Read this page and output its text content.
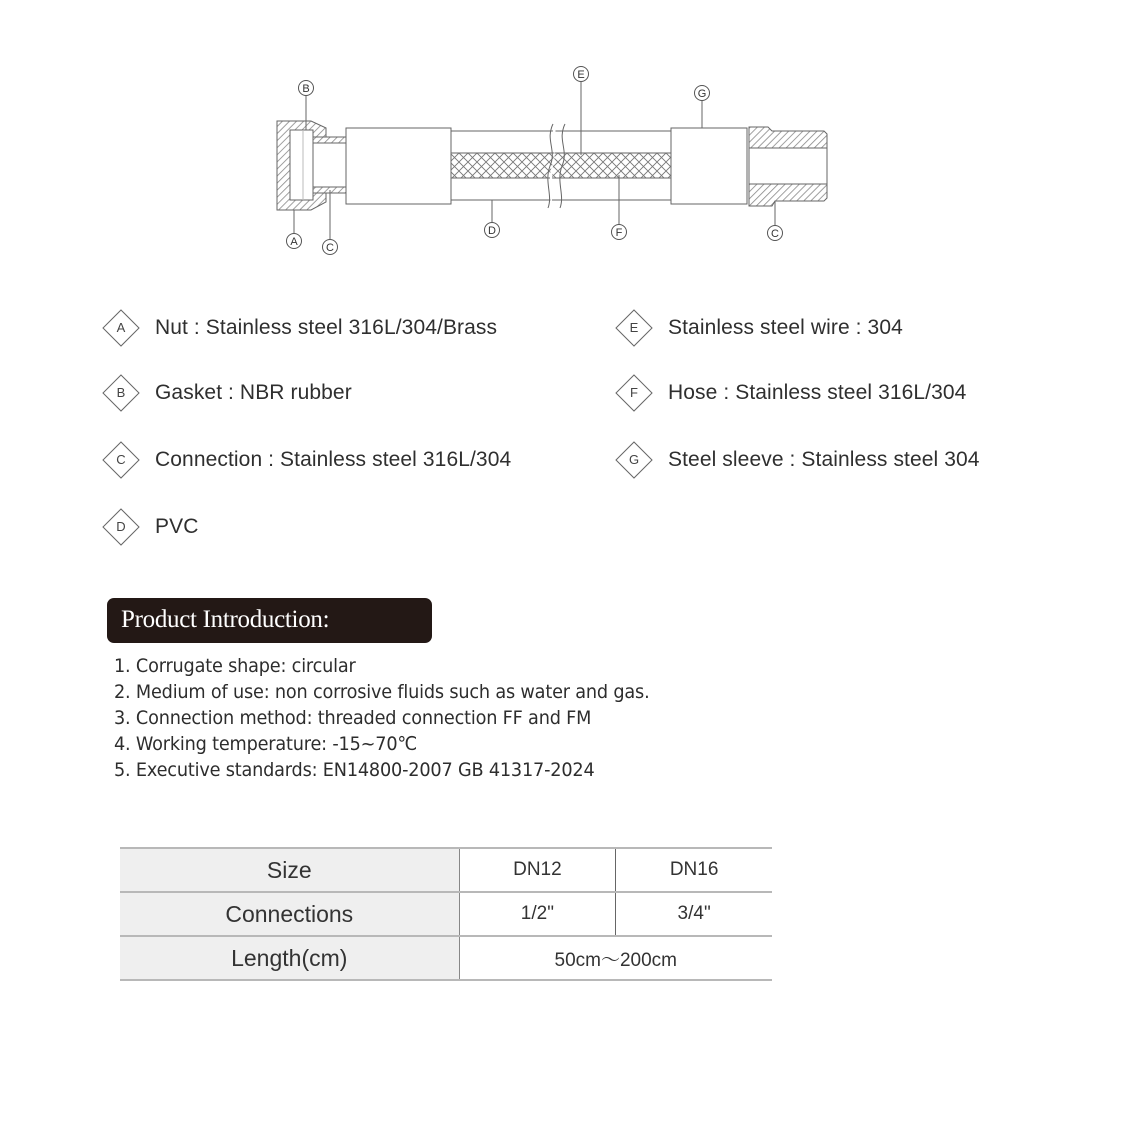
B
A	C
D
E
F
G
C
A	Nut : Stainless steel 316L/304/Brass
B	Gasket : NBR rubber
C	Connection : Stainless steel 316L/304
D	PVC
E	Stainless steel wire : 304
F	Hose : Stainless steel 316L/304
G	Steel sleeve : Stainless steel 304
Product Introduction:
1. Corrugate shape: circular
2. Medium of use: non corrosive fluids such as water and gas.
3. Connection method: threaded connection FF and FM
4. Working temperature: -15~70℃
5. Executive standards: EN14800-2007 GB 41317-2024
Size	DN12	DN16
Connections	1/2"	3/4"
Length(cm)	50cm～200cm	
